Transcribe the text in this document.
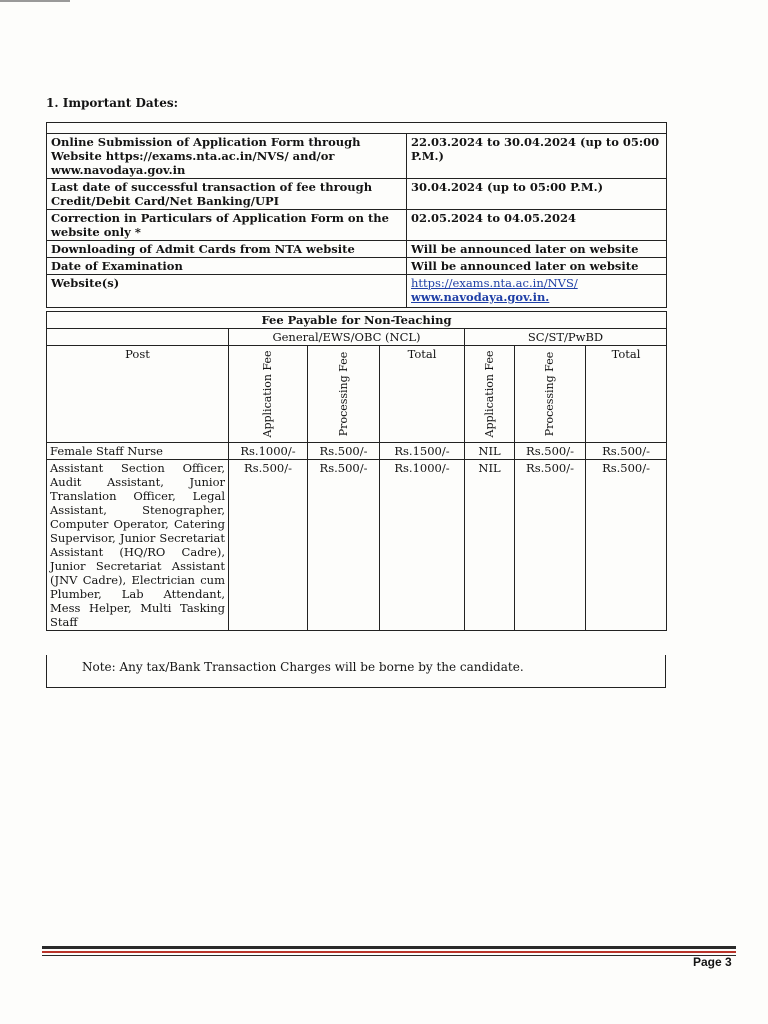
1. Important Dates:

Online Submission of Application Form through Website https://exams.nta.ac.in/NVS/ and/or www.navodaya.gov.in	22.03.2024 to 30.04.2024 (up to 05:00 P.M.)
Last date of successful transaction of fee through Credit/Debit Card/Net Banking/UPI	30.04.2024 (up to 05:00 P.M.)
Correction in Particulars of Application Form on the website only *	02.05.2024 to 04.05.2024
Downloading of Admit Cards from NTA website	Will be announced later on website
Date of Examination	Will be announced later on website
Website(s)	https://exams.nta.ac.in/NVS/
www.navodaya.gov.in.
Fee Payable for Non-Teaching						
	General/EWS/OBC (NCL)			SC/ST/PwBD		
Post	Application Fee	Processing Fee	Total	Application Fee	Processing Fee	Total
Female Staff Nurse	Rs.1000/-	Rs.500/-	Rs.1500/-	NIL	Rs.500/-	Rs.500/-
Assistant Section Officer, Audit Assistant, Junior Translation Officer, Legal Assistant, Stenographer, Computer Operator, Catering Supervisor, Junior Secretariat Assistant (HQ/RO Cadre), Junior Secretariat Assistant (JNV Cadre), Electrician cum Plumber, Lab Attendant, Mess Helper, Multi Tasking Staff	Rs.500/-	Rs.500/-	Rs.1000/-	NIL	Rs.500/-	Rs.500/-
Note: Any tax/Bank Transaction Charges will be borne by the candidate.
Page 3
